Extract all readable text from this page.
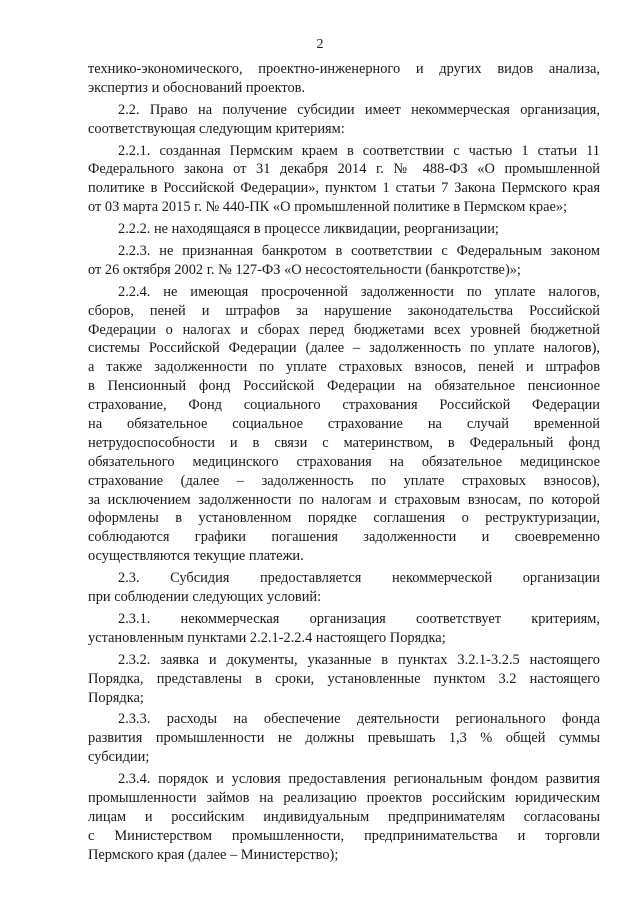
2
технико-экономического, проектно-инженерного и других видов анализа,
экспертиз и обоснований проектов.
2.2. Право на получение субсидии имеет некоммерческая организация,
соответствующая следующим критериям:
2.2.1. созданная Пермским краем в соответствии с частью 1 статьи 11
Федерального закона от 31 декабря 2014 г. № 488-ФЗ «О промышленной
политике в Российской Федерации», пунктом 1 статьи 7 Закона Пермского края
от 03 марта 2015 г. № 440-ПК «О промышленной политике в Пермском крае»;
2.2.2. не находящаяся в процессе ликвидации, реорганизации;
2.2.3. не признанная банкротом в соответствии с Федеральным законом
от 26 октября 2002 г. № 127-ФЗ «О несостоятельности (банкротстве)»;
2.2.4. не имеющая просроченной задолженности по уплате налогов,
сборов, пеней и штрафов за нарушение законодательства Российской
Федерации о налогах и сборах перед бюджетами всех уровней бюджетной
системы Российской Федерации (далее – задолженность по уплате налогов),
а также задолженности по уплате страховых взносов, пеней и штрафов
в Пенсионный фонд Российской Федерации на обязательное пенсионное
страхование, Фонд социального страхования Российской Федерации
на обязательное социальное страхование на случай временной
нетрудоспособности и в связи с материнством, в Федеральный фонд
обязательного медицинского страхования на обязательное медицинское
страхование (далее – задолженность по уплате страховых взносов),
за исключением задолженности по налогам и страховым взносам, по которой
оформлены в установленном порядке соглашения о реструктуризации,
соблюдаются графики погашения задолженности и своевременно
осуществляются текущие платежи.
2.3. Субсидия предоставляется некоммерческой организации
при соблюдении следующих условий:
2.3.1. некоммерческая организация соответствует критериям,
установленным пунктами 2.2.1-2.2.4 настоящего Порядка;
2.3.2. заявка и документы, указанные в пунктах 3.2.1-3.2.5 настоящего
Порядка, представлены в сроки, установленные пунктом 3.2 настоящего
Порядка;
2.3.3. расходы на обеспечение деятельности регионального фонда
развития промышленности не должны превышать 1,3 % общей суммы
субсидии;
2.3.4. порядок и условия предоставления региональным фондом развития
промышленности займов на реализацию проектов российским юридическим
лицам и российским индивидуальным предпринимателям согласованы
с Министерством промышленности, предпринимательства и торговли
Пермского края (далее – Министерство);
